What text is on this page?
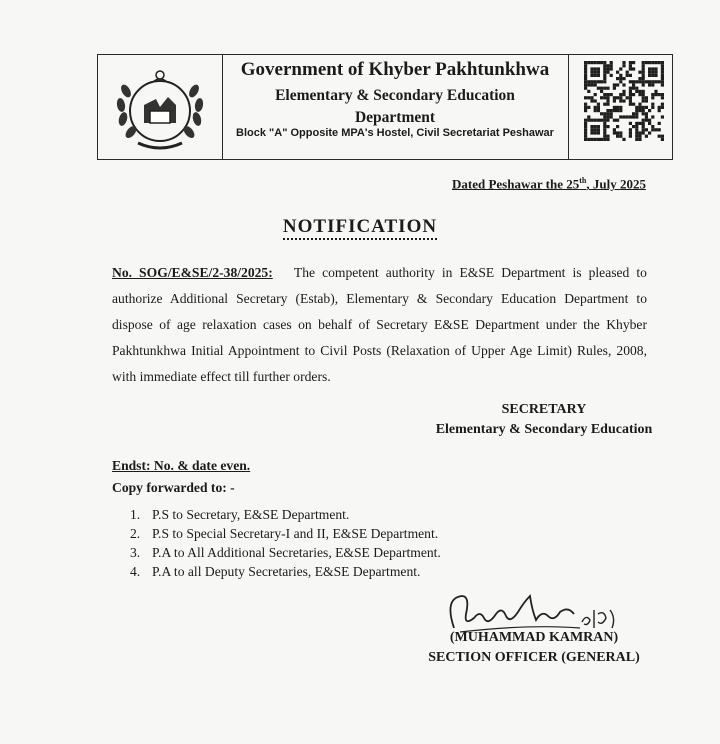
Government of Khyber Pakhtunkhwa
Elementary & Secondary Education
Department
Block "A" Opposite MPA's Hostel, Civil Secretariat Peshawar
Dated Peshawar the 25th, July 2025
NOTIFICATION
No. SOG/E&SE/2-38/2025: The competent authority in E&SE Department is pleased to authorize Additional Secretary (Estab), Elementary & Secondary Education Department to dispose of age relaxation cases on behalf of Secretary E&SE Department under the Khyber Pakhtunkhwa Initial Appointment to Civil Posts (Relaxation of Upper Age Limit) Rules, 2008, with immediate effect till further orders.
SECRETARY
Elementary & Secondary Education
Endst: No. & date even.
Copy forwarded to: -
1. P.S to Secretary, E&SE Department.
2. P.S to Special Secretary-I and II, E&SE Department.
3. P.A to All Additional Secretaries, E&SE Department.
4. P.A to all Deputy Secretaries, E&SE Department.
(MUHAMMAD KAMRAN)
SECTION OFFICER (GENERAL)
